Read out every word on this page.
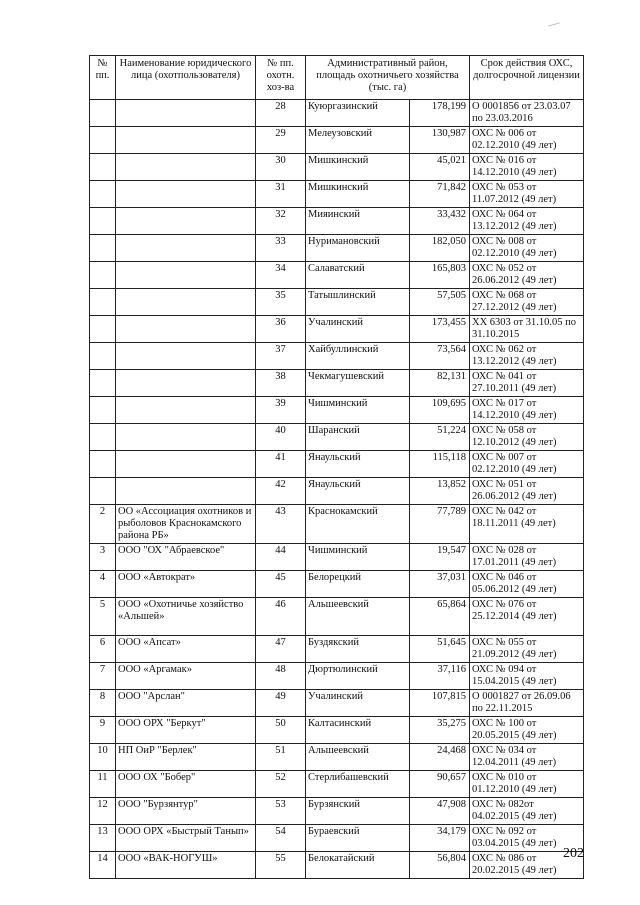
№ пп.	Наименование юридического лица (охотпользователя)	№ пп. охотн. хоз-ва	Административный район, площадь охотничьего хозяйства (тыс. га)		Срок действия ОХС, долгосрочной лицензии
		28	Куюргазинский	178,199	О 0001856 от 23.03.07 по 23.03.2016
		29	Мелеузовский	130,987	ОХС № 006 от 02.12.2010 (49 лет)
		30	Мишкинский	45,021	ОХС № 016 от 14.12.2010 (49 лет)
		31	Мишкинский	71,842	ОХС № 053 от 11.07.2012 (49 лет)
		32	Мияинский	33,432	ОХС № 064 от 13.12.2012 (49 лет)
		33	Нуримановский	182,050	ОХС № 008 от 02.12.2010 (49 лет)
		34	Салаватский	165,803	ОХС № 052 от 26.06.2012 (49 лет)
		35	Татышлинский	57,505	ОХС № 068 от 27.12.2012 (49 лет)
		36	Учалинский	173,455	ХХ 6303 от 31.10.05 по 31.10.2015
		37	Хайбуллинский	73,564	ОХС № 062 от 13.12.2012 (49 лет)
		38	Чекмагушевский	82,131	ОХС № 041 от 27.10.2011 (49 лет)
		39	Чишминский	109,695	ОХС № 017 от 14.12.2010 (49 лет)
		40	Шаранский	51,224	ОХС № 058 от 12.10.2012 (49 лет)
		41	Янаульский	115,118	ОХС № 007 от 02.12.2010 (49 лет)
		42	Янаульский	13,852	ОХС № 051 от 26.06.2012 (49 лет)
2	ОО «Ассоциация охотников и рыболовов Краснокамского района РБ»	43	Краснокамский	77,789	ОХС № 042 от 18.11.2011 (49 лет)
3	ООО "ОХ "Абраевское"	44	Чишминский	19,547	ОХС № 028 от 17.01.2011 (49 лет)
4	ООО «Автократ»	45	Белорецкий	37,031	ОХС № 046 от 05.06.2012 (49 лет)
5	ООО «Охотничье хозяйство «Альшей»	46	Альшеевский	65,864	ОХС № 076 от 25.12.2014 (49 лет)
6	ООО «Апсат»	47	Буздякский	51,645	ОХС № 055 от 21.09.2012 (49 лет)
7	ООО «Аргамак»	48	Дюртюлинский	37,116	ОХС № 094 от 15.04.2015 (49 лет)
8	ООО "Арслан"	49	Учалинский	107,815	О 0001827 от 26.09.06 по 22.11.2015
9	ООО ОРХ "Беркут"	50	Калтасинский	35,275	ОХС № 100 от 20.05.2015 (49 лет)
10	НП ОиР "Берлек"	51	Альшеевский	24,468	ОХС № 034 от 12.04.2011 (49 лет)
11	ООО ОХ "Бобер"	52	Стерлибашевский	90,657	ОХС № 010 от 01.12.2010 (49 лет)
12	ООО "Бурзянтур"	53	Бурзянский	47,908	ОХС № 082от 04.02.2015 (49 лет)
13	ООО ОРХ «Быстрый Танып»	54	Бураевский	34,179	ОХС № 092 от 03.04.2015 (49 лет)
14	ООО «ВАК-НОГУШ»	55	Белокатайский	56,804	ОХС № 086 от 20.02.2015 (49 лет)
202
